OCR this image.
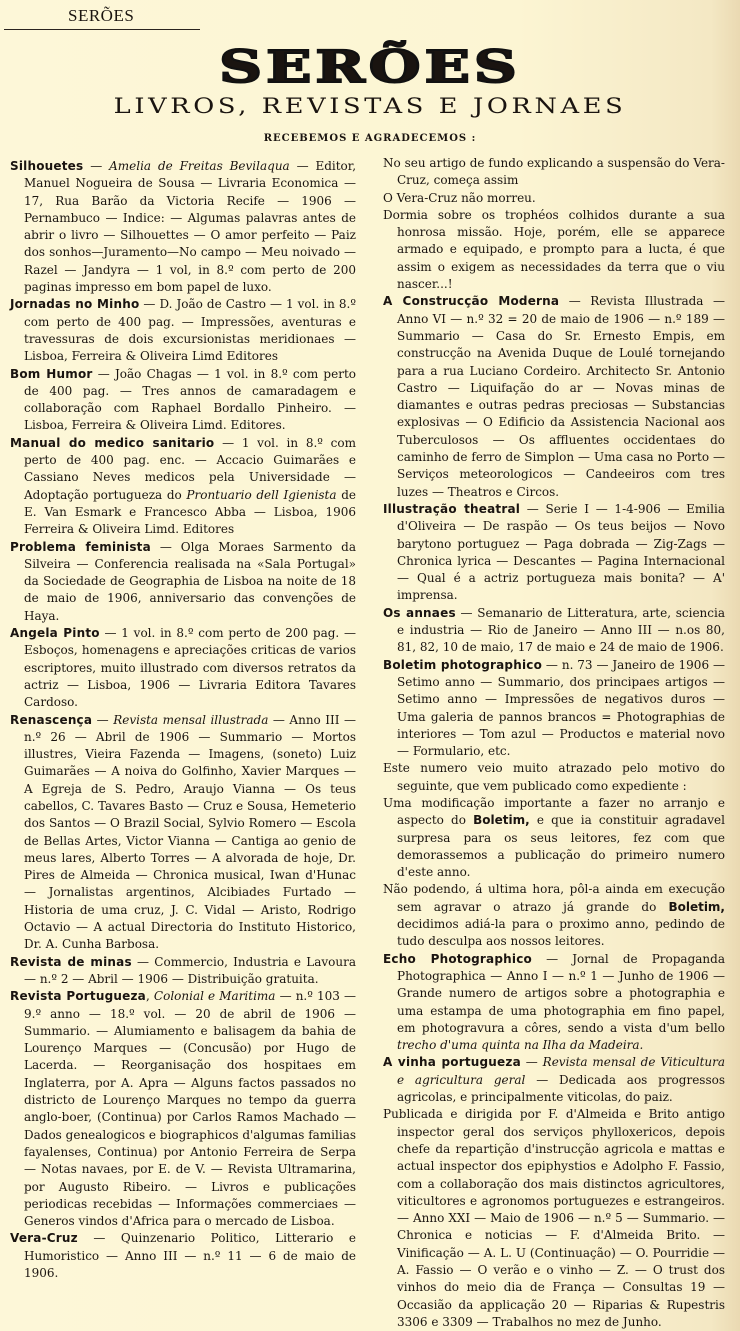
SERÕES
SERÕES
LIVROS, REVISTAS E JORNAES
RECEBEMOS E AGRADECEMOS :

Silhouetes — Amelia de Freitas Bevilaqua — Editor, Manuel Nogueira de Sousa — Livraria Economica — 17, Rua Barão da Victoria Recife — 1906 — Pernambuco — Indice: — Algumas palavras antes de abrir o livro — Silhouettes — O amor perfeito — Paiz dos sonhos—Juramento—No campo — Meu noivado — Razel — Jandyra — 1 vol, in 8.º com perto de 200 paginas impresso em bom papel de luxo.

Jornadas no Minho — D. João de Castro — 1 vol. in 8.º com perto de 400 pag. — Impressões, aventuras e travessuras de dois excursionistas meridionaes — Lisboa, Ferreira & Oliveira Limd Editores

Bom Humor — João Chagas — 1 vol. in 8.º com perto de 400 pag. — Tres annos de camaradagem e collaboração com Raphael Bordallo Pinheiro. — Lisboa, Ferreira & Oliveira Limd. Editores.

Manual do medico sanitario — 1 vol. in 8.º com perto de 400 pag. enc. — Accacio Guimarães e Cassiano Neves medicos pela Universidade — Adoptação portugueza do Prontuario dell Igienista de E. Van Esmark e Francesco Abba — Lisboa, 1906 Ferreira & Oliveira Limd. Editores

Problema feminista — Olga Moraes Sarmento da Silveira — Conferencia realisada na «Sala Portugal» da Sociedade de Geographia de Lisboa na noite de 18 de maio de 1906, anniversario das convenções de Haya.

Angela Pinto — 1 vol. in 8.º com perto de 200 pag. — Esboços, homenagens e apreciações criticas de varios escriptores, muito illustrado com diversos retratos da actriz — Lisboa, 1906 — Livraria Editora Tavares Cardoso.

Renascença — Revista mensal illustrada — Anno III — n.º 26 — Abril de 1906 — Summario — Mortos illustres, Vieira Fazenda — Imagens, (soneto) Luiz Guimarães — A noiva do Golfinho, Xavier Marques — A Egreja de S. Pedro, Araujo Vianna — Os teus cabellos, C. Tavares Basto — Cruz e Sousa, Hemeterio dos Santos — O Brazil Social, Sylvio Romero — Escola de Bellas Artes, Victor Vianna — Cantiga ao genio de meus lares, Alberto Torres — A alvorada de hoje, Dr. Pires de Almeida — Chronica musical, Iwan d'Hunac — Jornalistas argentinos, Alcibiades Furtado — Historia de uma cruz, J. C. Vidal — Aristo, Rodrigo Octavio — A actual Directoria do Instituto Historico, Dr. A. Cunha Barbosa.

Revista de minas — Commercio, Industria e Lavoura — n.º 2 — Abril — 1906 — Distribuição gratuita.

Revista Portugueza, Colonial e Maritima — n.º 103 — 9.º anno — 18.º vol. — 20 de abril de 1906 — Summario. — Alumiamento e balisagem da bahia de Lourenço Marques — (Concusão) por Hugo de Lacerda. — Reorganisação dos hospitaes em Inglaterra, por A. Apra — Alguns factos passados no districto de Lourenço Marques no tempo da guerra anglo-boer, (Continua) por Carlos Ramos Machado — Dados genealogicos e biographicos d'algumas familias fayalenses, Continua) por Antonio Ferreira de Serpa — Notas navaes, por E. de V. — Revista Ultramarina, por Augusto Ribeiro. — Livros e publicações periodicas recebidas — Informações commerciaes — Generos vindos d'Africa para o mercado de Lisboa.

Vera-Cruz — Quinzenario Politico, Litterario e Humoristico — Anno III — n.º 11 — 6 de maio de 1906.

No seu artigo de fundo explicando a suspensão do Vera-Cruz, começa assim

O Vera-Cruz não morreu.

Dormia sobre os trophéos colhidos durante a sua honrosa missão. Hoje, porém, elle se apparece armado e equipado, e prompto para a lucta, é que assim o exigem as necessidades da terra que o viu nascer...!

A Construcção Moderna — Revista Illustrada — Anno VI — n.º 32 = 20 de maio de 1906 — n.º 189 — Summario — Casa do Sr. Ernesto Empis, em construcção na Avenida Duque de Loulé tornejando para a rua Luciano Cordeiro. Architecto Sr. Antonio Castro — Liquifação do ar — Novas minas de diamantes e outras pedras preciosas — Substancias explosivas — O Edificio da Assistencia Nacional aos Tuberculosos — Os affluentes occidentaes do caminho de ferro de Simplon — Uma casa no Porto — Serviços meteorologicos — Candeeiros com tres luzes — Theatros e Circos.

Illustração theatral — Serie I — 1-4-906 — Emilia d'Oliveira — De raspão — Os teus beijos — Novo barytono portuguez — Paga dobrada — Zig-Zags — Chronica lyrica — Descantes — Pagina Internacional — Qual é a actriz portugueza mais bonita? — A' imprensa.

Os annaes — Semanario de Litteratura, arte, sciencia e industria — Rio de Janeiro — Anno III — n.os 80, 81, 82, 10 de maio, 17 de maio e 24 de maio de 1906.

Boletim photographico — n. 73 — Janeiro de 1906 — Setimo anno — Summario, dos principaes artigos — Setimo anno — Impressões de negativos duros — Uma galeria de pannos brancos = Photographias de interiores — Tom azul — Productos e material novo — Formulario, etc.

Este numero veio muito atrazado pelo motivo do seguinte, que vem publicado como expediente :

Uma modificação importante a fazer no arranjo e aspecto do Boletim, e que ia constituir agradavel surpresa para os seus leitores, fez com que demorassemos a publicação do primeiro numero d'este anno.

Não podendo, á ultima hora, pôl-a ainda em execução sem agravar o atrazo já grande do Boletim, decidimos adiá-la para o proximo anno, pedindo de tudo desculpa aos nossos leitores.

Echo Photographico — Jornal de Propaganda Photographica — Anno I — n.º 1 — Junho de 1906 — Grande numero de artigos sobre a photographia e uma estampa de uma photographia em fino papel, em photogravura a côres, sendo a vista d'um bello trecho d'uma quinta na Ilha da Madeira.

A vinha portugueza — Revista mensal de Viticultura e agricultura geral — Dedicada aos progressos agricolas, e principalmente viticolas, do paiz.

Publicada e dirigida por F. d'Almeida e Brito antigo inspector geral dos serviços phylloxericos, depois chefe da repartição d'instrucção agricola e mattas e actual inspector dos epiphystios e Adolpho F. Fassio, com a collaboração dos mais distinctos agricultores, viticultores e agronomos portuguezes e estrangeiros. — Anno XXI — Maio de 1906 — n.º 5 — Summario. — Chronica e noticias — F. d'Almeida Brito. — Vinificação — A. L. U (Continuação) — O. Pourridie — A. Fassio — O verão e o vinho — Z. — O trust dos vinhos do meio dia de França — Consultas 19 — Occasião da applicação 20 — Riparias & Rupestris 3306 e 3309 — Trabalhos no mez de Junho.
